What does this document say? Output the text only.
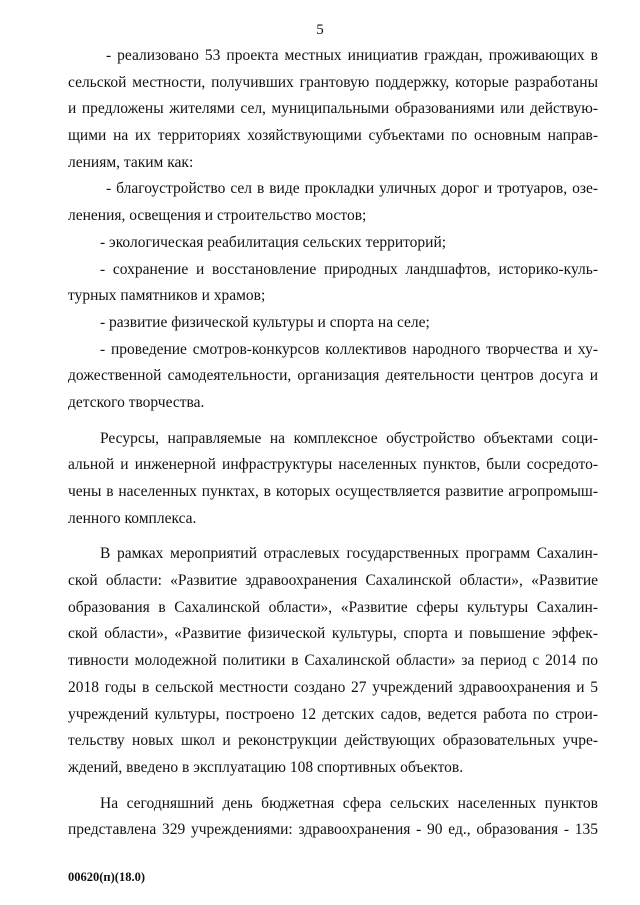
5
- реализовано 53 проекта местных инициатив граждан, проживающих в
сельской местности, получивших грантовую поддержку, которые разработаны
и предложены жителями сел, муниципальными образованиями или действую-
щими на их территориях хозяйствующими субъектами по основным направ-
лениям, таким как:
- благоустройство сел в виде прокладки уличных дорог и тротуаров, озе-
ленения, освещения и строительство мостов;
- экологическая реабилитация сельских территорий;
- сохранение и восстановление природных ландшафтов, историко-куль-
турных памятников и храмов;
- развитие физической культуры и спорта на селе;
- проведение смотров-конкурсов коллективов народного творчества и ху-
дожественной самодеятельности, организация деятельности центров досуга и
детского творчества.
Ресурсы, направляемые на комплексное обустройство объектами соци-
альной и инженерной инфраструктуры населенных пунктов, были сосредото-
чены в населенных пунктах, в которых осуществляется развитие агропромыш-
ленного комплекса.
В рамках мероприятий отраслевых государственных программ Сахалин-
ской области: «Развитие здравоохранения Сахалинской области», «Развитие
образования в Сахалинской области», «Развитие сферы культуры Сахалин-
ской области», «Развитие физической культуры, спорта и повышение эффек-
тивности молодежной политики в Сахалинской области» за период с 2014 по
2018 годы в сельской местности создано 27 учреждений здравоохранения и 5
учреждений культуры, построено 12 детских садов, ведется работа по строи-
тельству новых школ и реконструкции действующих образовательных учре-
ждений, введено в эксплуатацию 108 спортивных объектов.
На сегодняшний день бюджетная сфера сельских населенных пунктов
представлена 329 учреждениями: здравоохранения - 90 ед., образования - 135
00620(п)(18.0)
